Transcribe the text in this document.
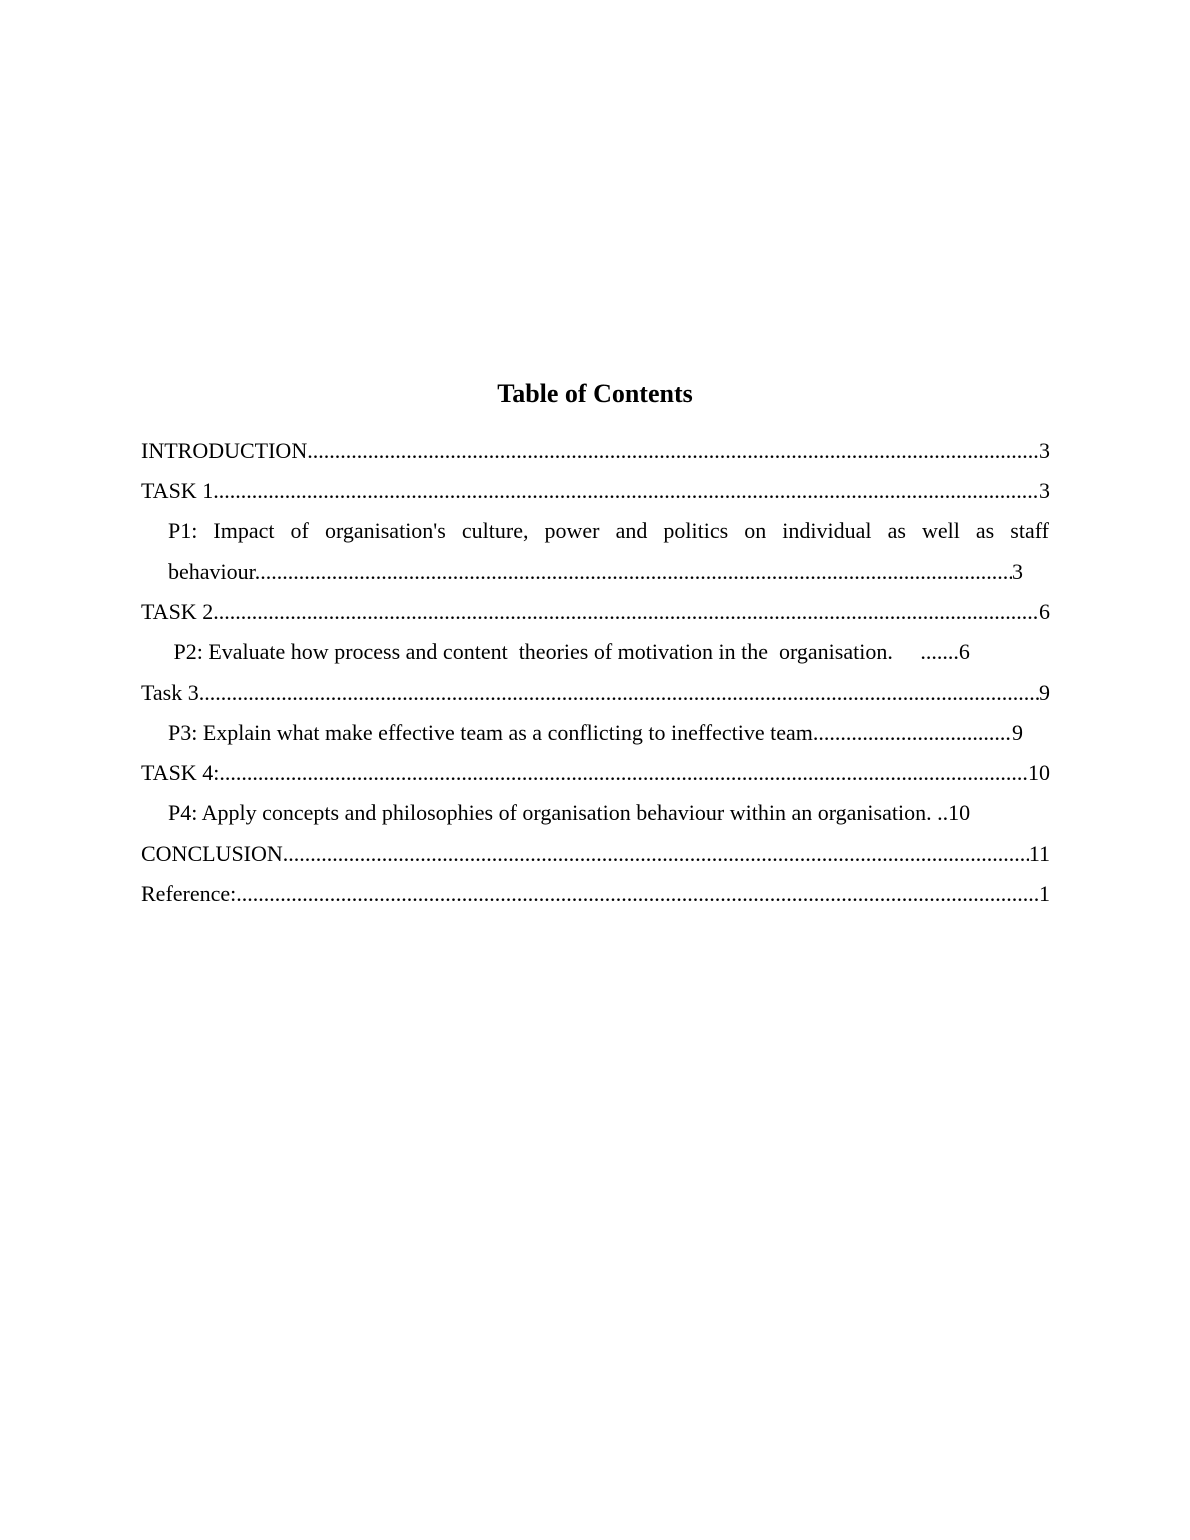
Table of Contents
INTRODUCTION .....	3
TASK 1 .....	3
P1: Impact of organisation's culture, power and politics on individual as well as staff
behaviour. .....	3
TASK 2 .....	6
P2: Evaluate how process and content  theories of motivation in the  organisation.     .......6
Task 3 .....	9
P3: Explain what make effective team as a conflicting to ineffective team .....	9
TASK 4: .....	10
P4: Apply concepts and philosophies of organisation behaviour within an organisation. ..10
CONCLUSION .....	11
Reference: .....	1
